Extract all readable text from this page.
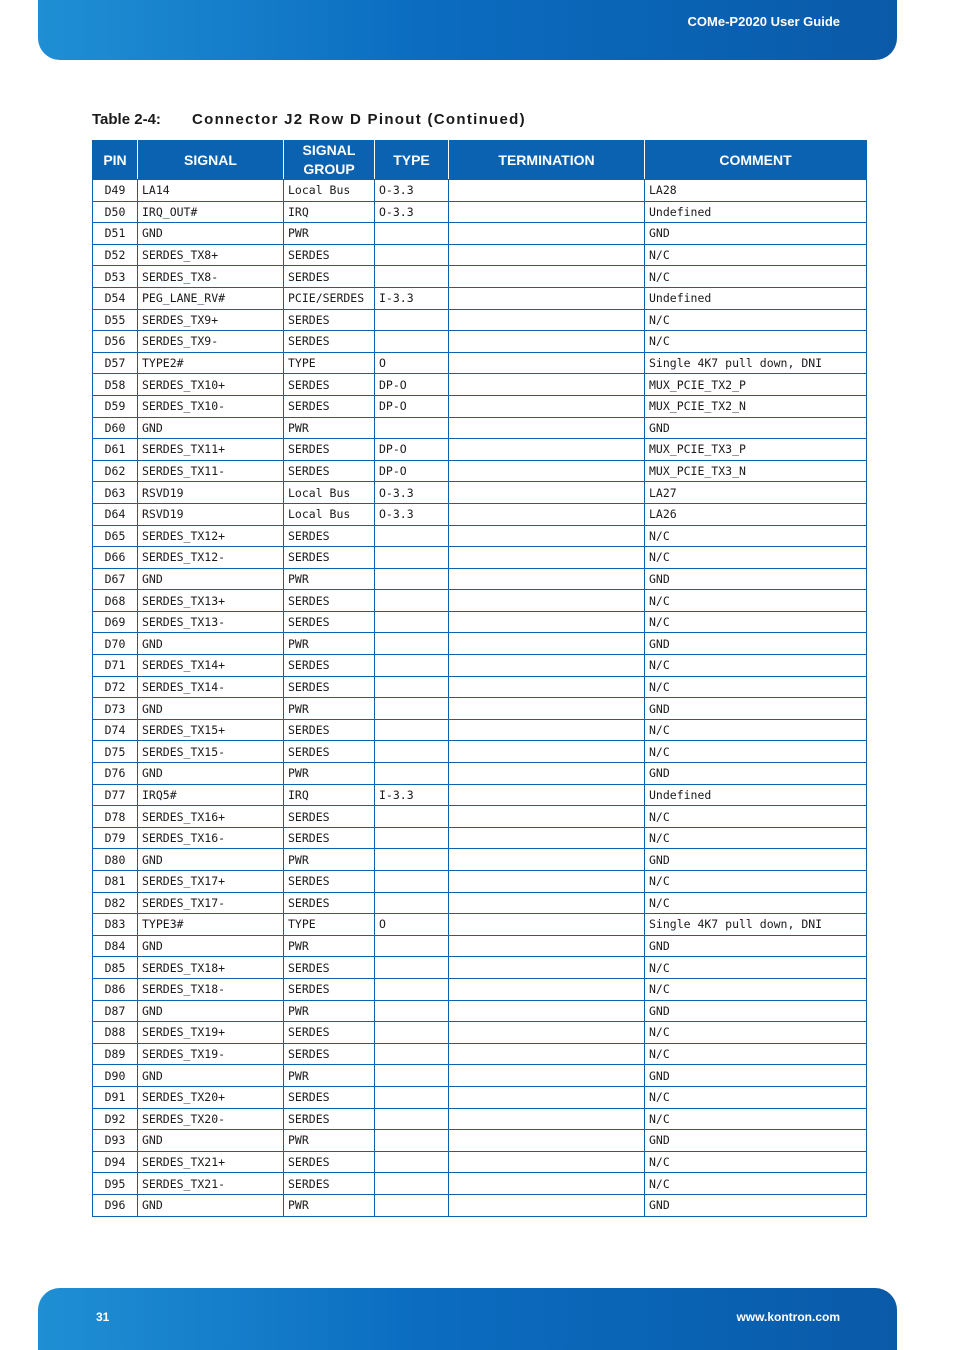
COMe-P2020 User Guide
Table 2-4: Connector J2 Row D Pinout (Continued)
PIN	SIGNAL	SIGNAL GROUP	TYPE	TERMINATION	COMMENT
D49	LA14	Local Bus	O-3.3		LA28
D50	IRQ_OUT#	IRQ	O-3.3		Undefined
D51	GND	PWR			GND
D52	SERDES_TX8+	SERDES			N/C
D53	SERDES_TX8-	SERDES			N/C
D54	PEG_LANE_RV#	PCIE/SERDES	I-3.3		Undefined
D55	SERDES_TX9+	SERDES			N/C
D56	SERDES_TX9-	SERDES			N/C
D57	TYPE2#	TYPE	O		Single 4K7 pull down, DNI
D58	SERDES_TX10+	SERDES	DP-O		MUX_PCIE_TX2_P
D59	SERDES_TX10-	SERDES	DP-O		MUX_PCIE_TX2_N
D60	GND	PWR			GND
D61	SERDES_TX11+	SERDES	DP-O		MUX_PCIE_TX3_P
D62	SERDES_TX11-	SERDES	DP-O		MUX_PCIE_TX3_N
D63	RSVD19	Local Bus	O-3.3		LA27
D64	RSVD19	Local Bus	O-3.3		LA26
D65	SERDES_TX12+	SERDES			N/C
D66	SERDES_TX12-	SERDES			N/C
D67	GND	PWR			GND
D68	SERDES_TX13+	SERDES			N/C
D69	SERDES_TX13-	SERDES			N/C
D70	GND	PWR			GND
D71	SERDES_TX14+	SERDES			N/C
D72	SERDES_TX14-	SERDES			N/C
D73	GND	PWR			GND
D74	SERDES_TX15+	SERDES			N/C
D75	SERDES_TX15-	SERDES			N/C
D76	GND	PWR			GND
D77	IRQ5#	IRQ	I-3.3		Undefined
D78	SERDES_TX16+	SERDES			N/C
D79	SERDES_TX16-	SERDES			N/C
D80	GND	PWR			GND
D81	SERDES_TX17+	SERDES			N/C
D82	SERDES_TX17-	SERDES			N/C
D83	TYPE3#	TYPE	O		Single 4K7 pull down, DNI
D84	GND	PWR			GND
D85	SERDES_TX18+	SERDES			N/C
D86	SERDES_TX18-	SERDES			N/C
D87	GND	PWR			GND
D88	SERDES_TX19+	SERDES			N/C
D89	SERDES_TX19-	SERDES			N/C
D90	GND	PWR			GND
D91	SERDES_TX20+	SERDES			N/C
D92	SERDES_TX20-	SERDES			N/C
D93	GND	PWR			GND
D94	SERDES_TX21+	SERDES			N/C
D95	SERDES_TX21-	SERDES			N/C
D96	GND	PWR			GND
31	www.kontron.com
